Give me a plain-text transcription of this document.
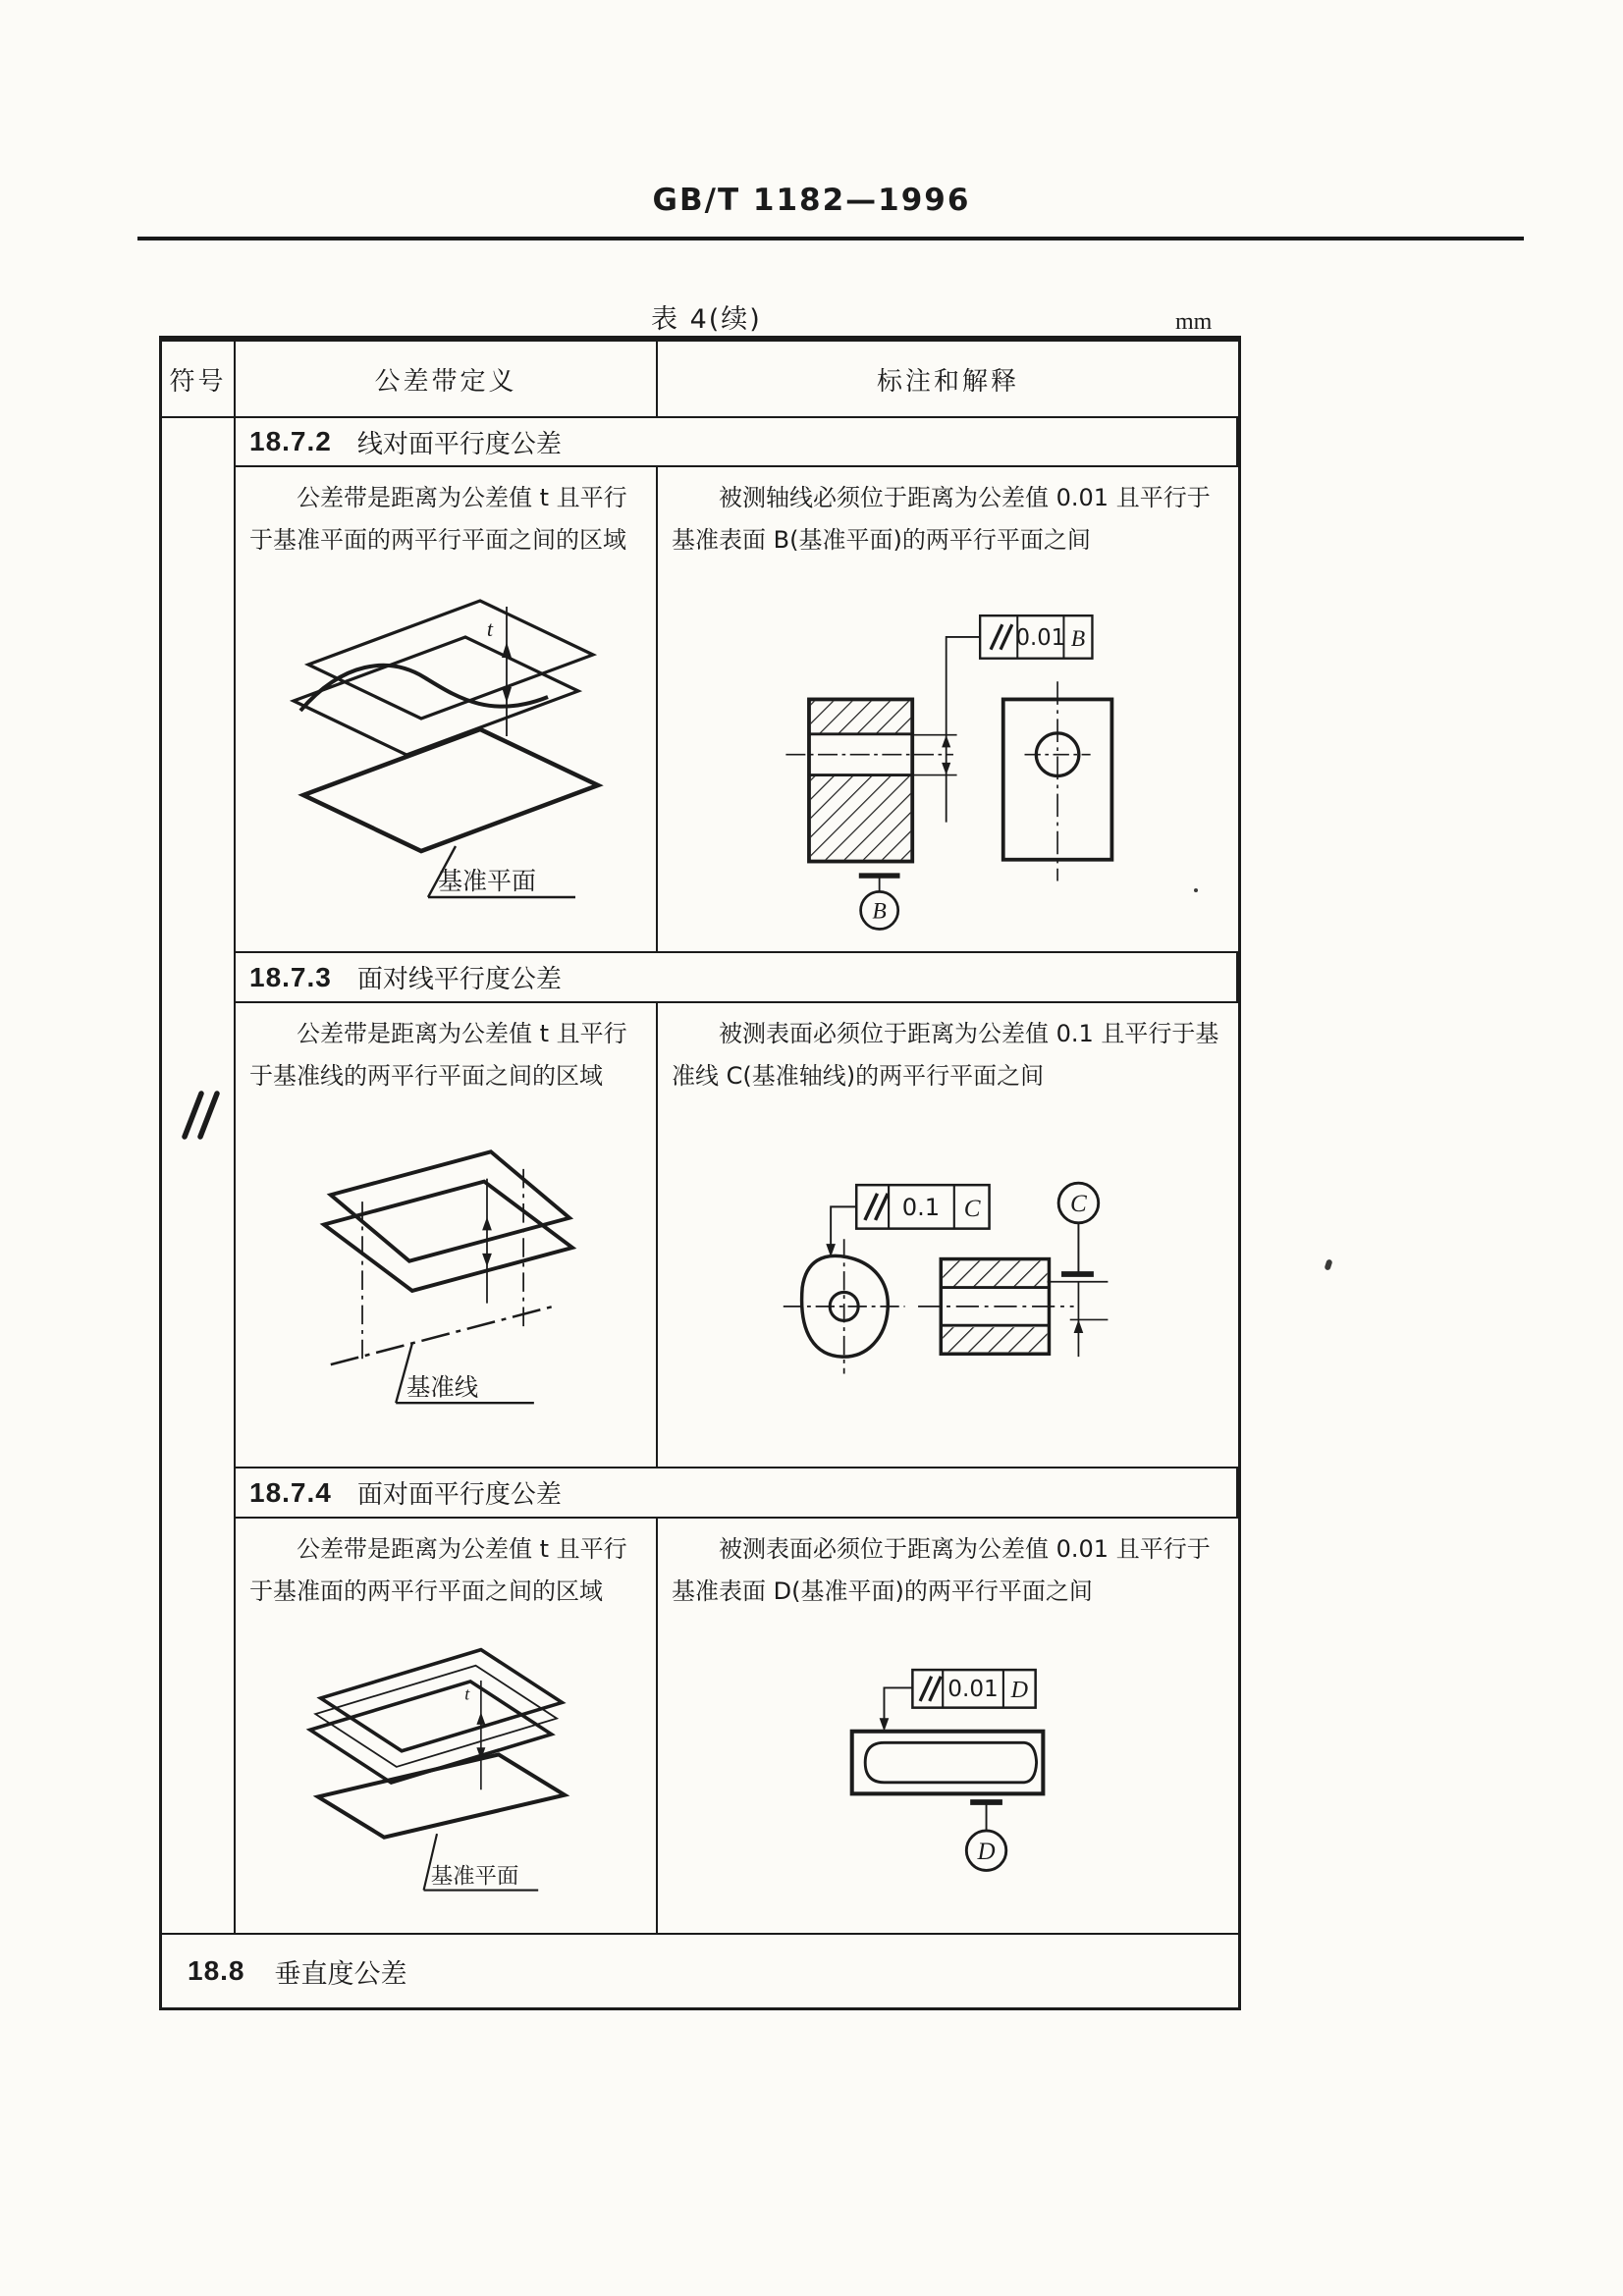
GB/T 1182—1996
表 4(续)	mm
符号	公差带定义	标注和解释
18.7.2 线对面平行度公差

公差带是距离为公差值 t 且平行于基准平面的两平行平面之间的区域

t
基准平面

被测轴线必须位于距离为公差值 0.01 且平行于基准表面 B(基准平面)的两平行平面之间

0.01 B
B
18.7.3 面对线平行度公差

公差带是距离为公差值 t 且平行于基准线的两平行平面之间的区域

基准线

被测表面必须位于距离为公差值 0.1 且平行于基准线 C(基准轴线)的两平行平面之间

0.1 C	C
18.7.4 面对面平行度公差

公差带是距离为公差值 t 且平行于基准面的两平行平面之间的区域

t
基准平面

被测表面必须位于距离为公差值 0.01 且平行于基准表面 D(基准平面)的两平行平面之间

0.01 D
D
18.8 垂直度公差
